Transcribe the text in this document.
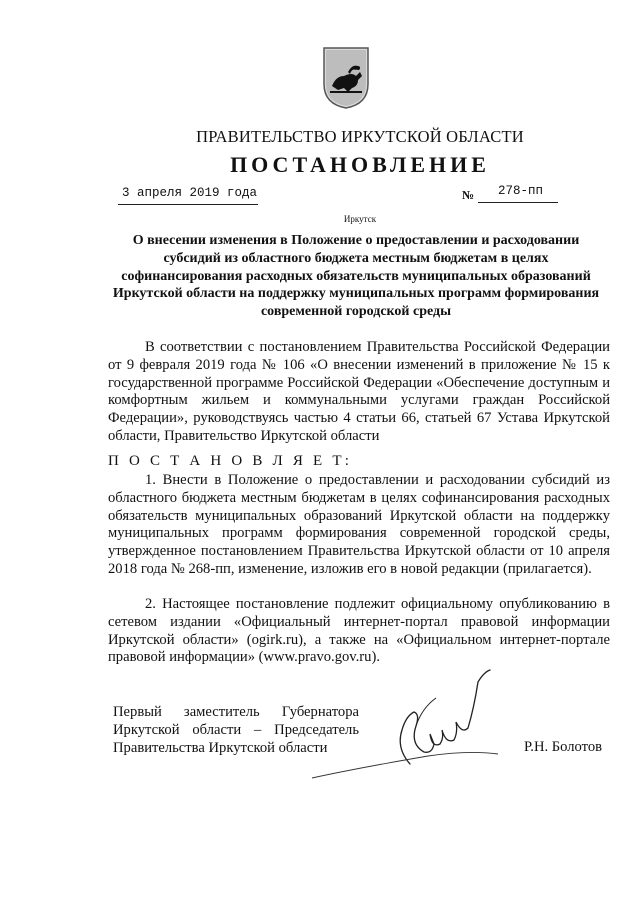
ПРАВИТЕЛЬСТВО ИРКУТСКОЙ ОБЛАСТИ
ПОСТАНОВЛЕНИЕ
3 апреля 2019 года	№ 278-пп
Иркутск

О внесении изменения в Положение о предоставлении и расходовании субсидий из областного бюджета местным бюджетам в целях софинансирования расходных обязательств муниципальных образований Иркутской области на поддержку муниципальных программ формирования современной городской среды

В соответствии с постановлением Правительства Российской Федерации от 9 февраля 2019 года № 106 «О внесении изменений в приложение № 15 к государственной программе Российской Федерации «Обеспечение доступным и комфортным жильем и коммунальными услугами граждан Российской Федерации», руководствуясь частью 4 статьи 66, статьей 67 Устава Иркутской области, Правительство Иркутской области

П О С Т А Н О В Л Я Е Т:

1. Внести в Положение о предоставлении и расходовании субсидий из областного бюджета местным бюджетам в целях софинансирования расходных обязательств муниципальных образований Иркутской области на поддержку муниципальных программ формирования современной городской среды, утвержденное постановлением Правительства Иркутской области от 10 апреля 2018 года № 268-пп, изменение, изложив его в новой редакции (прилагается).

2. Настоящее постановление подлежит официальному опубликованию в сетевом издании «Официальный интернет-портал правовой информации Иркутской области» (ogirk.ru), а также на «Официальном интернет-портале правовой информации» (www.pravo.gov.ru).

Первый заместитель Губернатора
Иркутской области – Председатель
Правительства Иркутской области	Р.Н. Болотов
